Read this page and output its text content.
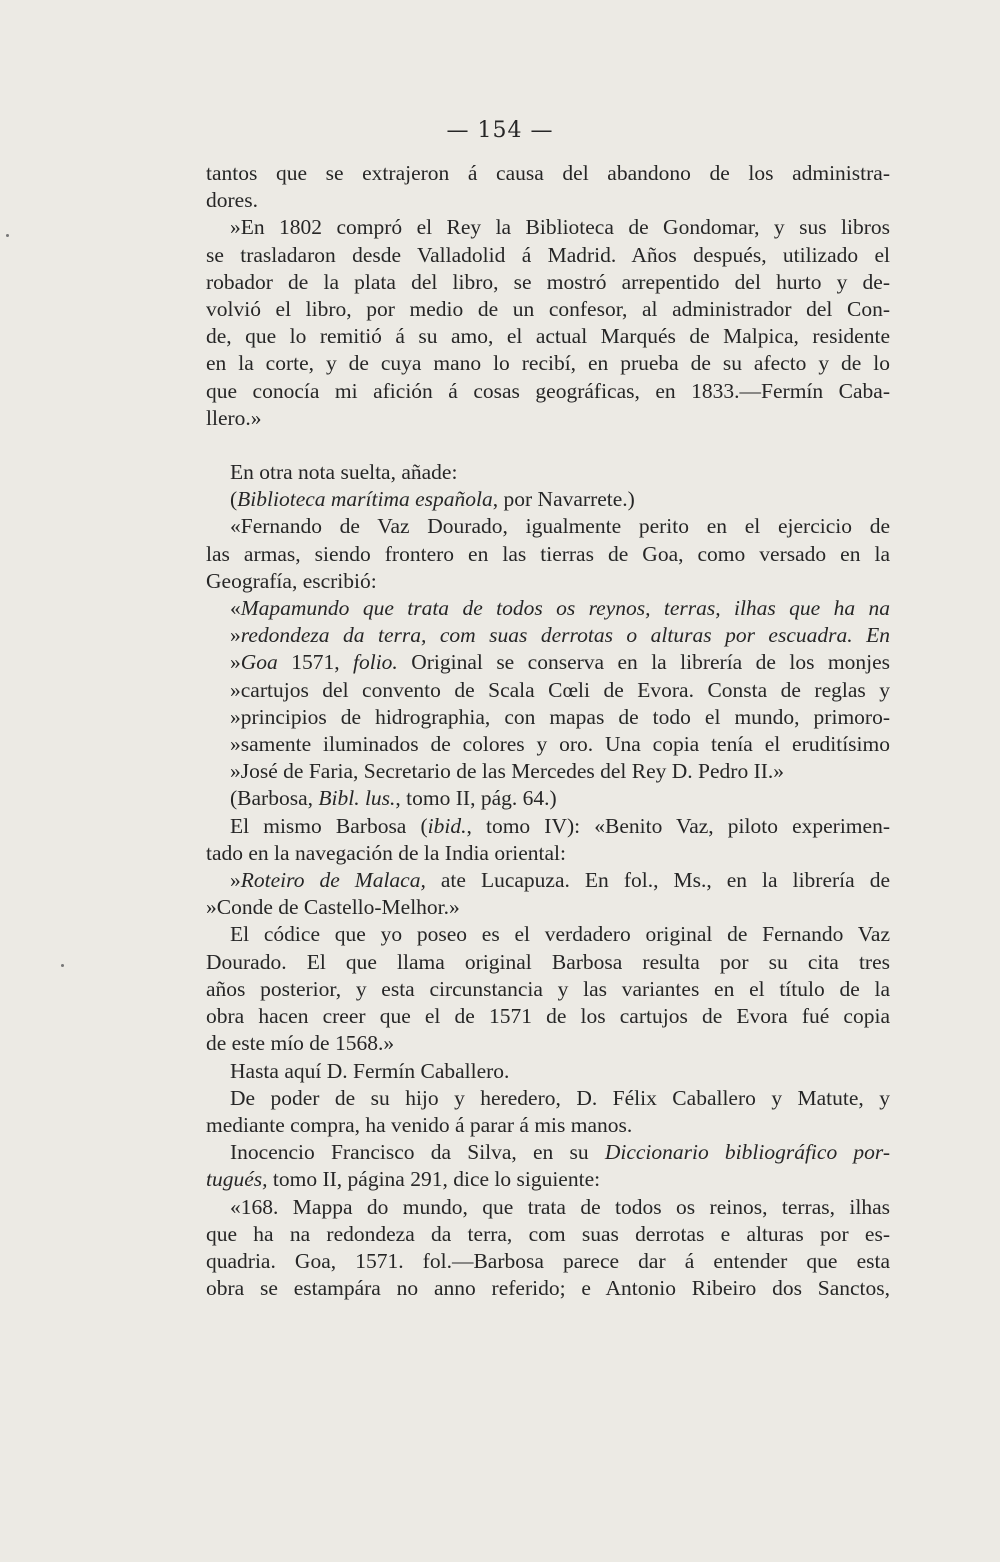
— 154 —
tantos que se extrajeron á causa del abandono de los administra-
dores.
»En 1802 compró el Rey la Biblioteca de Gondomar, y sus libros
se trasladaron desde Valladolid á Madrid. Años después, utilizado el
robador de la plata del libro, se mostró arrepentido del hurto y de-
volvió el libro, por medio de un confesor, al administrador del Con-
de, que lo remitió á su amo, el actual Marqués de Malpica, residente
en la corte, y de cuya mano lo recibí, en prueba de su afecto y de lo
que conocía mi afición á cosas geográficas, en 1833.—Fermín Caba-
llero.»
En otra nota suelta, añade:
(Biblioteca marítima española, por Navarrete.)
«Fernando de Vaz Dourado, igualmente perito en el ejercicio de
las armas, siendo frontero en las tierras de Goa, como versado en la
Geografía, escribió:
«Mapamundo que trata de todos os reynos, terras, ilhas que ha na
»redondeza da terra, com suas derrotas o alturas por escuadra. En
»Goa 1571, folio. Original se conserva en la librería de los monjes
»cartujos del convento de Scala Cœli de Evora. Consta de reglas y
»principios de hidrographia, con mapas de todo el mundo, primoro-
»samente iluminados de colores y oro. Una copia tenía el eruditísimo
»José de Faria, Secretario de las Mercedes del Rey D. Pedro II.»
(Barbosa, Bibl. lus., tomo II, pág. 64.)
El mismo Barbosa (ibid., tomo IV): «Benito Vaz, piloto experimen-
tado en la navegación de la India oriental:
»Roteiro de Malaca, ate Lucapuza. En fol., Ms., en la librería de
»Conde de Castello-Melhor.»
El códice que yo poseo es el verdadero original de Fernando Vaz
Dourado. El que llama original Barbosa resulta por su cita tres
años posterior, y esta circunstancia y las variantes en el título de la
obra hacen creer que el de 1571 de los cartujos de Evora fué copia
de este mío de 1568.»
Hasta aquí D. Fermín Caballero.
De poder de su hijo y heredero, D. Félix Caballero y Matute, y
mediante compra, ha venido á parar á mis manos.
Inocencio Francisco da Silva, en su Diccionario bibliográfico por-
tugués, tomo II, página 291, dice lo siguiente:
«168. Mappa do mundo, que trata de todos os reinos, terras, ilhas
que ha na redondeza da terra, com suas derrotas e alturas por es-
quadria. Goa, 1571. fol.—Barbosa parece dar á entender que esta
obra se estampára no anno referido; e Antonio Ribeiro dos Sanctos,
